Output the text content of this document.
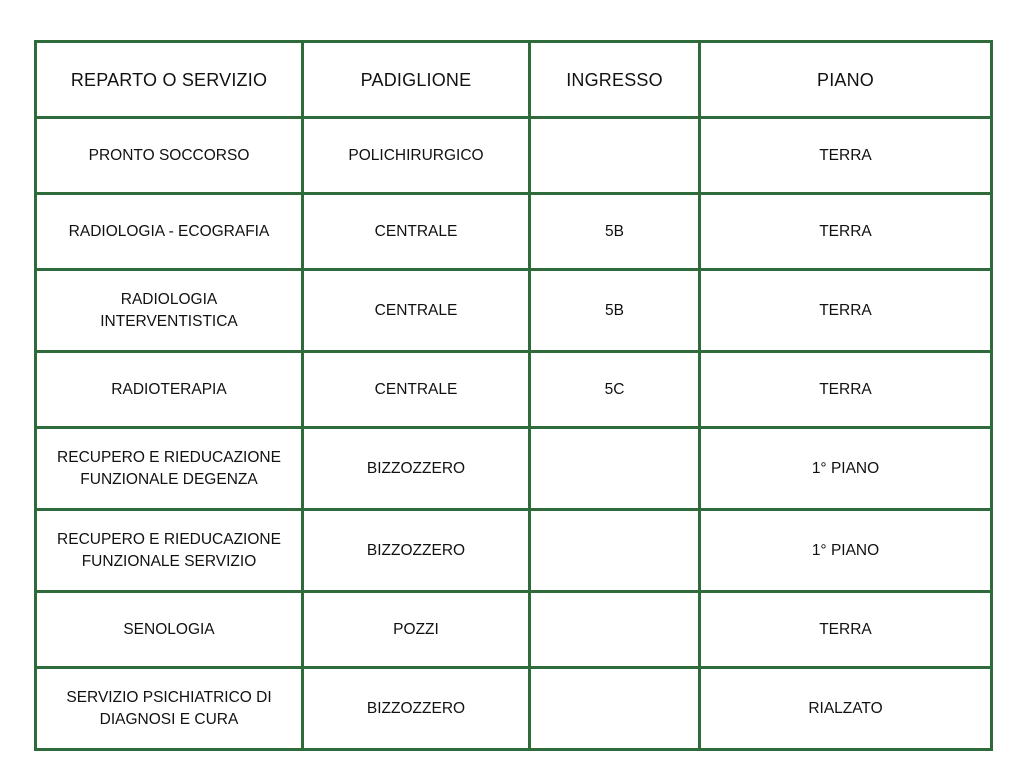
REPARTO O SERVIZIO	PADIGLIONE	INGRESSO	PIANO
PRONTO SOCCORSO	POLICHIRURGICO		TERRA
RADIOLOGIA - ECOGRAFIA	CENTRALE	5B	TERRA
RADIOLOGIA
INTERVENTISTICA	CENTRALE	5B	TERRA
RADIOTERAPIA	CENTRALE	5C	TERRA
RECUPERO E RIEDUCAZIONE
FUNZIONALE DEGENZA	BIZZOZZERO		1° PIANO
RECUPERO E RIEDUCAZIONE
FUNZIONALE SERVIZIO	BIZZOZZERO		1° PIANO
SENOLOGIA	POZZI		TERRA
SERVIZIO PSICHIATRICO DI
DIAGNOSI E CURA	BIZZOZZERO		RIALZATO
